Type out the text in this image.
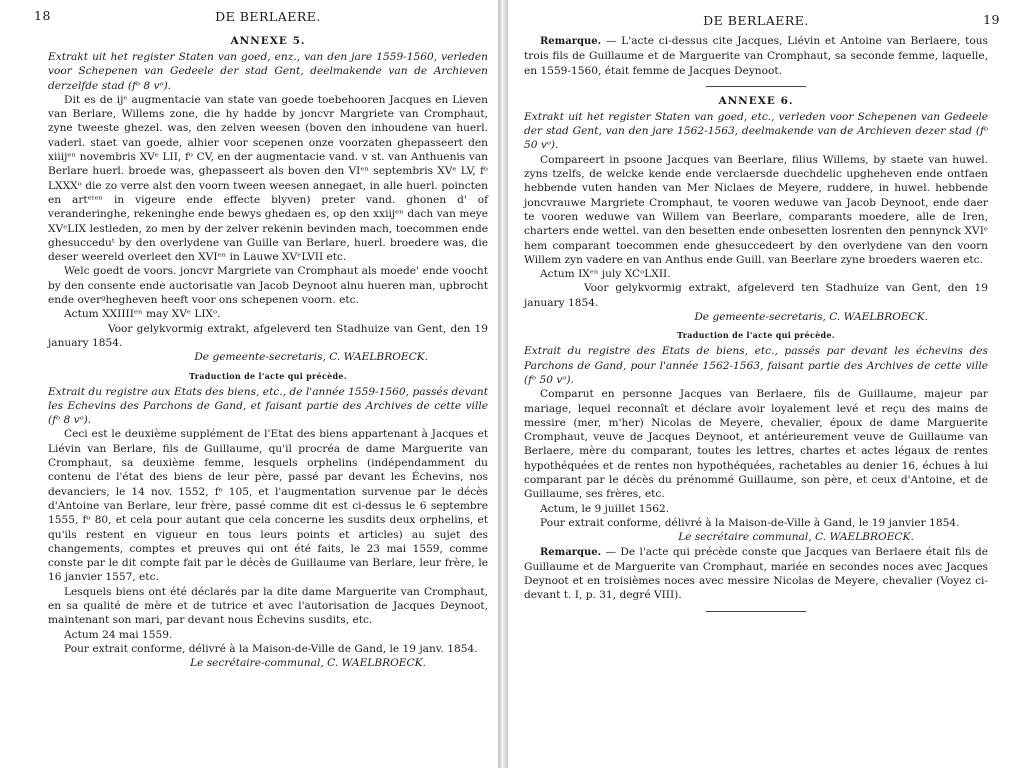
18	DE BERLAERE.
ANNEXE 5.

Extrakt uit het register Staten van goed, enz., van den jare 1559-1560, verleden voor Schepenen van Gedeele der stad Gent, deelmakende van de Archieven derzelfde stad (fᵒ 8 vᵒ).

Dit es de ijᵉ augmentacie van state van goede toebehooren Jacques en Lieven van Berlare, Willems zone, die hy hadde by joncvr Margriete van Cromphaut, zyne tweeste ghezel. was, den zelven weesen (boven den inhoudene van huerl. vaderl. staet van goede, alhier voor scepenen onze voorzaten ghepasseert den xiiijᵉⁿ novembris XVᵉ LII, fᵒ CV, en der augmentacie vand. v st. van Anthuenis van Berlare huerl. broede was, ghepasseert als boven den VIᵉⁿ septembris XVᵉ LV, fᵒ LXXXᵒ die zo verre alst den voorn tween weesen annegaet, in alle huerl. poincten en artᵉˡᵉⁿ in vigeure ende effecte blyven) preter vand. ghonen d' of veranderinghe, rekeninghe ende bewys ghedaen es, op den xxiijᵉⁿ dach van meye XVᵉLIX lestleden, zo men by der zelver rekenin bevinden mach, toecommen ende ghesucceduᵗ by den overlydene van Guille van Berlare, huerl. broedere was, die deser weereld overleet den XVIᵉⁿ in Lauwe XVᵉLVII etc.

Welc goedt de voors. joncvr Margriete van Cromphaut als moede' ende voocht by den consente ende auctorisatie van Jacob Deynoot alnu hueren man, upbrocht ende overᵍhegheven heeft voor ons schepenen voorn. etc.

Actum XXIIIIᵉⁿ may XVᵉ LIXᵒ.

Voor gelykvormig extrakt, afgeleverd ten Stadhuize van Gent, den 19 january 1854.

De gemeente-secretaris, C. WAELBROECK.

Traduction de l'acte qui précède.

Extrait du registre aux Etats des biens, etc., de l'année 1559-1560, passés devant les Echevins des Parchons de Gand, et faisant partie des Archives de cette ville (fᵒ 8 vᵒ).

Ceci est le deuxième supplément de l'Etat des biens appartenant à Jacques et Liévin van Berlare, fils de Guillaume, qu'il procréa de dame Marguerite van Cromphaut, sa deuxième femme, lesquels orphelins (indépendamment du contenu de l'état des biens de leur père, passé par devant les Échevins, nos devanciers, le 14 nov. 1552, fᵒ 105, et l'augmentation survenue par le décès d'Antoine van Berlare, leur frère, passé comme dit est ci-dessus le 6 septembre 1555, fᵒ 80, et cela pour autant que cela concerne les susdits deux orphelins, et qu'ils restent en vigueur en tous leurs points et articles) au sujet des changements, comptes et preuves qui ont été faits, le 23 mai 1559, comme conste par le dit compte fait par le décès de Guillaume van Berlare, leur frère, le 16 janvier 1557, etc.

Lesquels biens ont été déclarés par la dite dame Marguerite van Cromphaut, en sa qualité de mère et de tutrice et avec l'autorisation de Jacques Deynoot, maintenant son mari, par devant nous Échevins susdits, etc.

Actum 24 mai 1559.

Pour extrait conforme, délivré à la Maison-de-Ville de Gand, le 19 janv. 1854.

Le secrétaire-communal, C. WAELBROECK.

DE BERLAERE.	19

Remarque. — L'acte ci-dessus cite Jacques, Liévin et Antoine van Berlaere, tous trois fils de Guillaume et de Marguerite van Cromphaut, sa seconde femme, laquelle, en 1559-1560, était femme de Jacques Deynoot.

ANNEXE 6.

Extrakt uit het register Staten van goed, etc., verleden voor Schepenen van Gedeele der stad Gent, van den jare 1562-1563, deelmakende van de Archieven dezer stad (fᵒ 50 vᵒ).

Compareert in psoone Jacques van Beerlare, filius Willems, by staete van huwel. zyns tzelfs, de welcke kende ende verclaersde duechdelic upgheheven ende ontfaen hebbende vuten handen van Mer Niclaes de Meyere, ruddere, in huwel. hebbende joncvrauwe Margriete Cromphaut, te vooren weduwe van Jacob Deynoot, ende daer te vooren weduwe van Willem van Beerlare, comparants moedere, alle de Iren, charters ende wettel. van den besetten ende onbesetten losrenten den pennynck XVIᵉ hem comparant toecommen ende ghesuccedeert by den overlydene van den voorn Willem zyn vadere en van Anthus ende Guill. van Beerlare zyne broeders waeren etc.

Actum IXᵉⁿ july XCᵒLXII.

Voor gelykvormig extrakt, afgeleverd ten Stadhuize van Gent, den 19 january 1854.

De gemeente-secretaris, C. WAELBROECK.

Traduction de l'acte qui précède.

Extrait du registre des Etats de biens, etc., passés par devant les échevins des Parchons de Gand, pour l'année 1562-1563, faisant partie des Archives de cette ville (fᵒ 50 vᵒ).

Comparut en personne Jacques van Berlaere, fils de Guillaume, majeur par mariage, lequel reconnaît et déclare avoir loyalement levé et reçu des mains de messire (mer, m'her) Nicolas de Meyere, chevalier, époux de dame Marguerite Cromphaut, veuve de Jacques Deynoot, et antérieurement veuve de Guillaume van Berlaere, mère du comparant, toutes les lettres, chartes et actes légaux de rentes hypothéquées et de rentes non hypothéquées, rachetables au denier 16, échues à lui comparant par le décès du prénommé Guillaume, son père, et ceux d'Antoine, et de Guillaume, ses frères, etc.

Actum, le 9 juillet 1562.

Pour extrait conforme, délivré à la Maison-de-Ville à Gand, le 19 janvier 1854.

Le secrétaire communal, C. WAELBROECK.

Remarque. — De l'acte qui précède conste que Jacques van Berlaere était fils de Guillaume et de Marguerite van Cromphaut, mariée en secondes noces avec Jacques Deynoot et en troisièmes noces avec messire Nicolas de Meyere, chevalier (Voyez ci-devant t. I, p. 31, degré VIII).
